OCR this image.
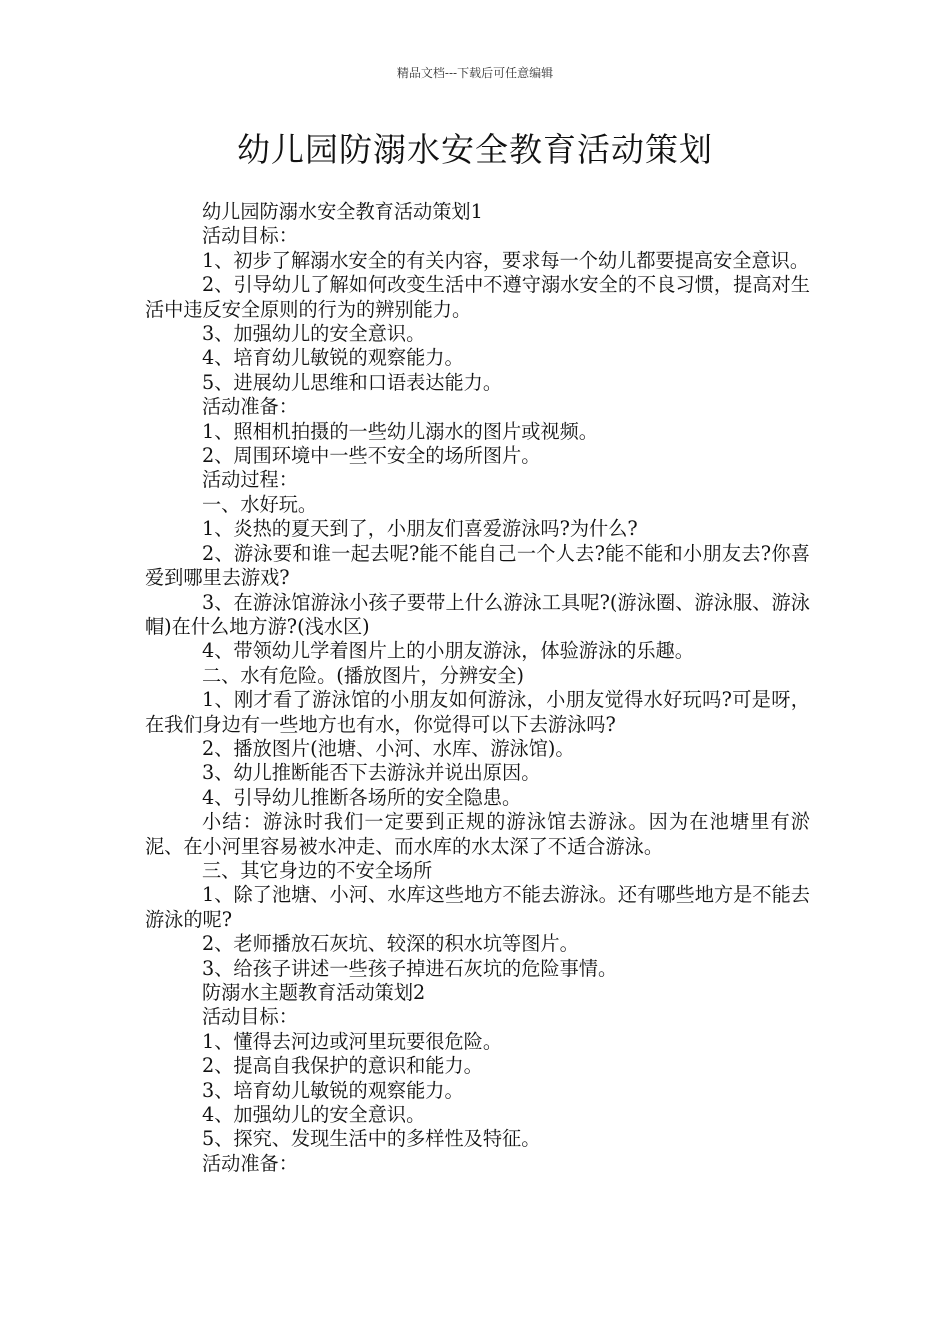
精品文档---下载后可任意编辑
幼儿园防溺水安全教育活动策划

幼儿园防溺水安全教育活动策划1

活动目标：

1、初步了解溺水安全的有关内容，要求每一个幼儿都要提高安全意识。

2、引导幼儿了解如何改变生活中不遵守溺水安全的不良习惯，提高对生活中违反安全原则的行为的辨别能力。

3、加强幼儿的安全意识。

4、培育幼儿敏锐的观察能力。

5、进展幼儿思维和口语表达能力。

活动准备：

1、照相机拍摄的一些幼儿溺水的图片或视频。

2、周围环境中一些不安全的场所图片。

活动过程：

一、水好玩。

1、炎热的夏天到了，小朋友们喜爱游泳吗?为什么?

2、游泳要和谁一起去呢?能不能自己一个人去?能不能和小朋友去?你喜爱到哪里去游戏?

3、在游泳馆游泳小孩子要带上什么游泳工具呢?(游泳圈、游泳服、游泳帽)在什么地方游?(浅水区)

4、带领幼儿学着图片上的小朋友游泳，体验游泳的乐趣。

二、水有危险。(播放图片，分辨安全)

1、刚才看了游泳馆的小朋友如何游泳，小朋友觉得水好玩吗?可是呀，在我们身边有一些地方也有水，你觉得可以下去游泳吗?

2、播放图片(池塘、小河、水库、游泳馆)。

3、幼儿推断能否下去游泳并说出原因。

4、引导幼儿推断各场所的安全隐患。

小结：游泳时我们一定要到正规的游泳馆去游泳。因为在池塘里有淤泥、在小河里容易被水冲走、而水库的水太深了不适合游泳。

三、其它身边的不安全场所

1、除了池塘、小河、水库这些地方不能去游泳。还有哪些地方是不能去游泳的呢?

2、老师播放石灰坑、较深的积水坑等图片。

3、给孩子讲述一些孩子掉进石灰坑的危险事情。

防溺水主题教育活动策划2

活动目标：

1、懂得去河边或河里玩要很危险。

2、提高自我保护的意识和能力。

3、培育幼儿敏锐的观察能力。

4、加强幼儿的安全意识。

5、探究、发现生活中的多样性及特征。

活动准备：
